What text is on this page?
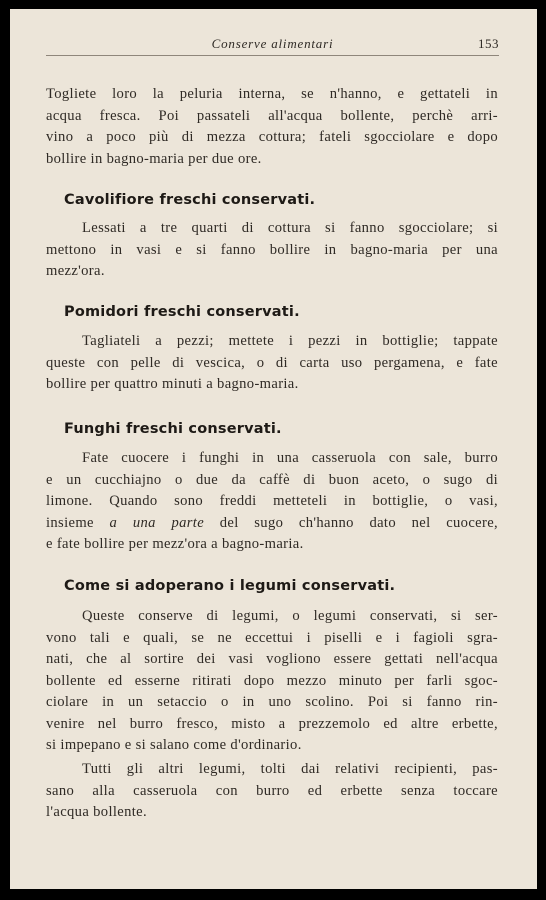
Conserve alimentari	153

Togliete loro la peluria interna, se n'hanno, e gettateli in

acqua fresca. Poi passateli all'acqua bollente, perchè arri-

vino a poco più di mezza cottura; fateli sgocciolare e dopo

bollire in bagno-maria per due ore.

Cavolifiore freschi conservati.

Lessati a tre quarti di cottura si fanno sgocciolare; si

mettono in vasi e si fanno bollire in bagno-maria per una

mezz'ora.

Pomidori freschi conservati.

Tagliateli a pezzi; mettete i pezzi in bottiglie; tappate

queste con pelle di vescica, o di carta uso pergamena, e fate

bollire per quattro minuti a bagno-maria.

Funghi freschi conservati.

Fate cuocere i funghi in una casseruola con sale, burro

e un cucchiajno o due da caffè di buon aceto, o sugo di

limone. Quando sono freddi metteteli in bottiglie, o vasi,

insieme a una parte del sugo ch'hanno dato nel cuocere,

e fate bollire per mezz'ora a bagno-maria.

Come si adoperano i legumi conservati.

Queste conserve di legumi, o legumi conservati, si ser-

vono tali e quali, se ne eccettui i piselli e i fagioli sgra-

nati, che al sortire dei vasi vogliono essere gettati nell'acqua

bollente ed esserne ritirati dopo mezzo minuto per farli sgoc-

ciolare in un setaccio o in uno scolino. Poi si fanno rin-

venire nel burro fresco, misto a prezzemolo ed altre erbette,

si impepano e si salano come d'ordinario.

Tutti gli altri legumi, tolti dai relativi recipienti, pas-

sano alla casseruola con burro ed erbette senza toccare

l'acqua bollente.
